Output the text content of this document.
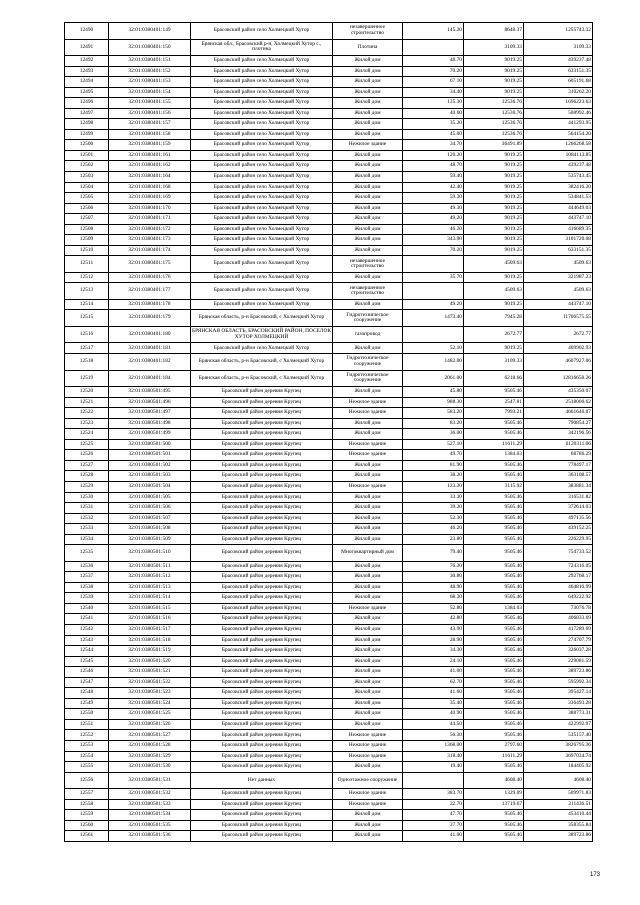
12490	32:01:0380401:149	Брасовский район село Холмецкий Хутор	незавершенное строительство	145.20	8648.37	1255743.32
12491	32:01:0380401:150	Брянская обл., Брасовский р-н, Холмецкий Хутор с., плотина	Плотина		3109.33	3109.33
12492	32:01:0380401:151	Брасовский район село Холмецкий Хутор	Жилой дом	48.70	9019.25	439237.48
12493	32:01:0380401:152	Брасовский район село Холмецкий Хутор	Жилой дом	70.20	9019.25	633151.35
12494	32:01:0380401:153	Брасовский район село Холмецкий Хутор	Жилой дом	67.10	9019.25	605191.68
12495	32:01:0380401:154	Брасовский район село Холмецкий Хутор	Жилой дом	34.40	9019.25	310262.20
12496	32:01:0380401:155	Брасовский район село Холмецкий Хутор	Жилой дом	135.30	12536.76	1696223.63
12497	32:01:0380401:156	Брасовский район село Холмецкий Хутор	Жилой дом	40.60	12536.76	508992.46
12498	32:01:0380401:157	Брасовский район село Холмецкий Хутор	Жилой дом	35.20	12536.76	441293.95
12499	32:01:0380401:158	Брасовский район село Холмецкий Хутор	Жилой дом	45.00	12536.76	564154.20
12500	32:01:0380401:159	Брасовский район село Холмецкий Хутор	Нежилое здание	34.70	36491.89	1266268.58
12501	32:01:0380401:161	Брасовский район село Холмецкий Хутор	Жилой дом	120.20	9019.25	1084113.85
12502	32:01:0380401:162	Брасовский район село Холмецкий Хутор	Жилой дом	48.70	9019.25	439237.48
12503	32:01:0380401:164	Брасовский район село Холмецкий Хутор	Жилой дом	59.40	9019.25	535743.45
12504	32:01:0380401:168	Брасовский район село Холмецкий Хутор	Жилой дом	42.40	9019.25	382416.20
12505	32:01:0380401:169	Брасовский район село Холмецкий Хутор	Жилой дом	59.30	9019.25	534841.53
12506	32:01:0380401:170	Брасовский район село Холмецкий Хутор	Жилой дом	49.30	9019.25	444649.03
12507	32:01:0380401:171	Брасовский район село Холмецкий Хутор	Жилой дом	49.20	9019.25	443747.10
12508	32:01:0380401:172	Брасовский район село Холмецкий Хутор	Жилой дом	46.20	9019.25	416689.35
12509	32:01:0380401:173	Брасовский район село Холмецкий Хутор	Жилой дом	343.90	9019.25	3101720.08
12510	32:01:0380401:174	Брасовский район село Холмецкий Хутор	Жилой дом	70.20	9019.25	633151.35
12511	32:01:0380401:175	Брасовский район село Холмецкий Хутор	незавершенное строительство		4509.63	4509.63
12512	32:01:0380401:176	Брасовский район село Холмецкий Хутор	Жилой дом	35.70	9019.25	321987.23
12513	32:01:0380401:177	Брасовский район село Холмецкий Хутор	незавершенное строительство		4509.63	4509.63
12514	32:01:0380401:178	Брасовский район село Холмецкий Хутор	Жилой дом	49.20	9019.25	443747.10
12515	32:01:0380401:179	Брянская область, р-н Брасовский, с Холмецкий Хутор	Гидротехническое сооружение	1473.40	7945.28	11706575.55
12516	32:01:0380401:180	БРЯНСКАЯ ОБЛАСТЬ, БРАСОВСКИЙ РАЙОН, ПОСЕЛОК ХУТОР ХОЛМЕЦКИЙ	газопровод		2672.77	2672.77
12517	32:01:0380401:181	Брасовский район село Холмецкий Хутор	Жилой дом	52.10	9019.25	469902.93
12518	32:01:0380401:182	Брянская область, р-н Брасовский, с Холмецкий Хутор	Гидротехническое сооружение	1482.00	3109.33	4607927.06
12519	32:01:0380401:184	Брянская область, р-н Брасовский, с Холмецкий Хутор	Гидротехническое сооружение	2061.00	6218.66	12816658.26
12520	32:01:0380501:495	Брасовский район деревня Крупец	Жилой дом	45.80	9505.46	435350.07
12521	32:01:0380501:496	Брасовский район деревня Крупец	Нежилое здание	988.30	2547.81	2518000.62
12522	32:01:0380501:497	Брасовский район деревня Крупец	Нежилое здание	583.20	7993.21	4661640.07
12523	32:01:0380501:498	Брасовский район деревня Крупец	Жилой дом	83.20	9505.46	790854.27
12524	32:01:0380501:499	Брасовский район деревня Крупец	Жилой дом	36.00	9505.46	342196.56
12525	32:01:0380501:500	Брасовский район деревня Крупец	Нежилое здание	527.10	11611.29	6120311.06
12526	32:01:0380501:501	Брасовский район деревня Крупец	Нежилое здание	49.70	1384.03	68786.29
12527	32:01:0380501:502	Брасовский район деревня Крупец	Жилой дом	81.90	9505.46	778497.17
12528	32:01:0380501:503	Брасовский район деревня Крупец	Жилой дом	38.20	9505.46	363108.57
12529	32:01:0380501:504	Брасовский район деревня Крупец	Нежилое здание	123.20	3115.92	383881.34
12530	32:01:0380501:505	Брасовский район деревня Крупец	Жилой дом	33.30	9505.46	316531.82
12531	32:01:0380501:506	Брасовский район деревня Крупец	Жилой дом	39.20	9505.46	372614.03
12532	32:01:0380501:507	Брасовский район деревня Крупец	Жилой дом	52.30	9505.46	497135.56
12533	32:01:0380501:508	Брасовский район деревня Крупец	Жилой дом	46.20	9505.46	439152.25
12534	32:01:0380501:509	Брасовский район деревня Крупец	Жилой дом	23.80	9505.46	226229.95
12535	32:01:0380501:510	Брасовский район деревня Крупец	Многоквартирный дом	79.40	9505.46	754733.52
12536	32:01:0380501:511	Брасовский район деревня Крупец	Жилой дом	76.20	9505.46	724316.05
12537	32:01:0380501:512	Брасовский район деревня Крупец	Жилой дом	30.80	9505.46	292768.17
12538	32:01:0380501:513	Брасовский район деревня Крупец	Жилой дом	48.90	9505.46	464816.99
12539	32:01:0380501:514	Брасовский район деревня Крупец	Жилой дом	68.30	9505.46	649222.92
12540	32:01:0380501:515	Брасовский район деревня Крупец	Нежилое здание	52.80	1384.03	73076.78
12541	32:01:0380501:516	Брасовский район деревня Крупец	Жилой дом	42.80	9505.46	406833.69
12542	32:01:0380501:517	Брасовский район деревня Крупец	Жилой дом	43.90	9505.46	417289.69
12543	32:01:0380501:518	Брасовский район деревня Крупец	Жилой дом	28.90	9505.46	274707.79
12544	32:01:0380501:519	Брасовский район деревня Крупец	Жилой дом	34.30	9505.46	326037.28
12545	32:01:0380501:520	Брасовский район деревня Крупец	Жилой дом	24.10	9505.46	229081.59
12546	32:01:0380501:521	Брасовский район деревня Крупец	Жилой дом	41.00	9505.46	389723.86
12547	32:01:0380501:522	Брасовский район деревня Крупец	Жилой дом	62.70	9505.46	595992.34
12548	32:01:0380501:523	Брасовский район деревня Крупец	Жилой дом	41.60	9505.46	395427.14
12549	32:01:0380501:524	Брасовский район деревня Крупец	Жилой дом	35.40	9505.46	336493.28
12550	32:01:0380501:525	Брасовский район деревня Крупец	Жилой дом	40.90	9505.46	388773.31
12551	32:01:0380501:526	Брасовский район деревня Крупец	Жилой дом	44.50	9505.46	422992.97
12552	32:01:0380501:527	Брасовский район деревня Крупец	Нежилое здание	56.30	9505.46	535157.40
12553	32:01:0380501:528	Брасовский район деревня Крупец	Нежилое здание	1368.00	2797.60	3826795.36
12554	32:01:0380501:529	Брасовский район деревня Крупец	Нежилое здание	318.40	11611.29	3697034.74
12555	32:01:0380501:530	Брасовский район деревня Крупец	Жилой дом	19.40	9505.46	184405.92
12556	32:01:0380501:531	Нет данных	Одноэтажное сооружение		4608.40	4608.40
12557	32:01:0380501:532	Брасовский район деревня Крупец	Нежилое здание	383.70	1329.09	509971.83
12558	32:01:0380501:533	Брасовский район деревня Крупец	Нежилое здание	22.70	13719.67	311436.51
12559	32:01:0380501:534	Брасовский район деревня Крупец	Жилой дом	47.70	9505.46	453410.44
12560	32:01:0380501:535	Брасовский район деревня Крупец	Жилой дом	37.70	9505.46	358355.84
12561	32:01:0380501:536	Брасовский район деревня Крупец	Жилой дом	41.00	9505.46	389723.86
173
